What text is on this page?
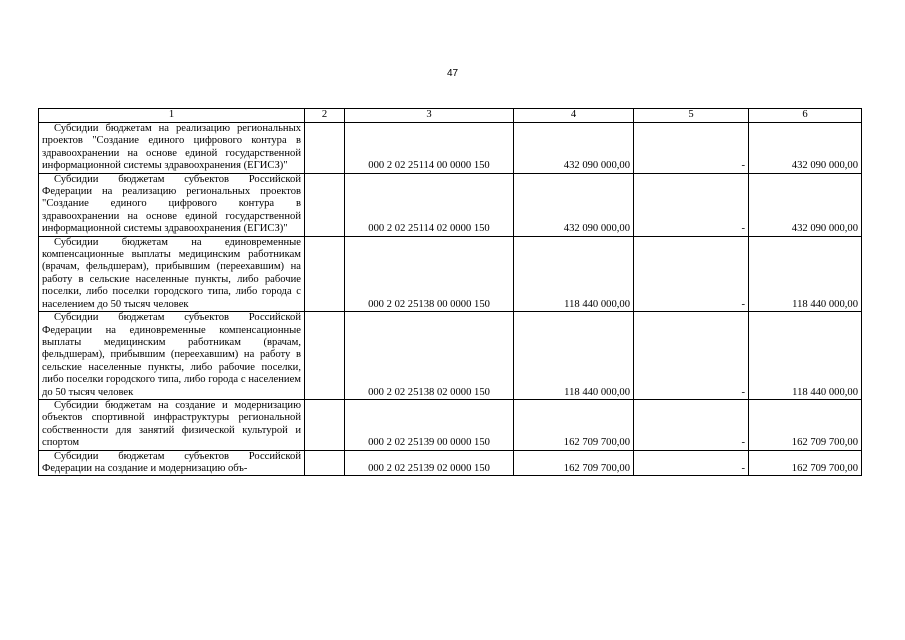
47
1	2	3	4	5	6
Субсидии бюджетам на реализацию региональных проектов "Создание единого цифрового контура в здравоохранении на основе единой государственной информационной системы здравоохранения (ЕГИСЗ)"		000 2 02 25114 00 0000 150	432 090 000,00	-	432 090 000,00
Субсидии бюджетам субъектов Российской Федерации на реализацию региональных проектов "Создание единого цифрового контура в здравоохранении на основе единой государственной информационной системы здравоохранения (ЕГИСЗ)"		000 2 02 25114 02 0000 150	432 090 000,00	-	432 090 000,00
Субсидии бюджетам на единовременные компенсационные выплаты медицинским работникам (врачам, фельдшерам), прибывшим (переехавшим) на работу в сельские населенные пункты, либо рабочие поселки, либо поселки городского типа, либо города с населением до 50 тысяч человек		000 2 02 25138 00 0000 150	118 440 000,00	-	118 440 000,00
Субсидии бюджетам субъектов Российской Федерации на единовременные компенсационные выплаты медицинским работникам (врачам, фельдшерам), прибывшим (переехавшим) на работу в сельские населенные пункты, либо рабочие поселки, либо поселки городского типа, либо города с населением до 50 тысяч человек		000 2 02 25138 02 0000 150	118 440 000,00	-	118 440 000,00
Субсидии бюджетам на создание и модернизацию объектов спортивной инфраструктуры региональной собственности для занятий физической культурой и спортом		000 2 02 25139 00 0000 150	162 709 700,00	-	162 709 700,00
Субсидии бюджетам субъектов Российской Федерации на создание и модернизацию объ-		000 2 02 25139 02 0000 150	162 709 700,00	-	162 709 700,00
